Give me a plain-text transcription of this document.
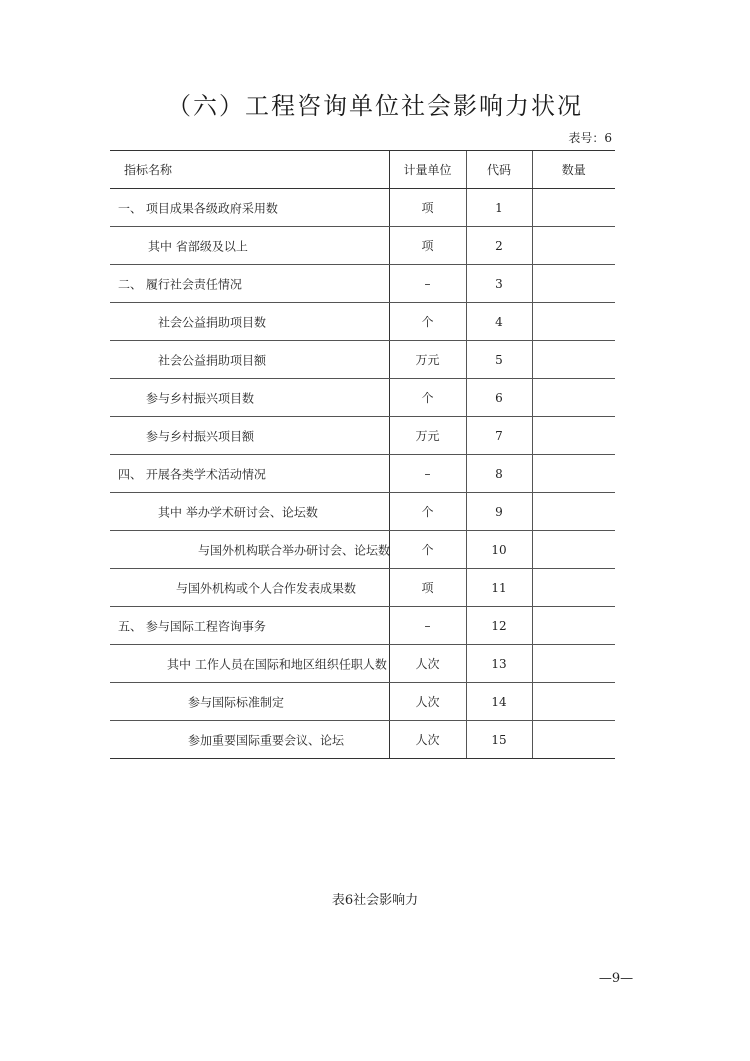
（六）工程咨询单位社会影响力状况
表号：6
指标名称	计量单位	代码	数量

一、 项目成果各级政府采用数	项	1	

其中 省部级及以上	项	2	

二、 履行社会责任情况	–	3	

社会公益捐助项目数	个	4	

社会公益捐助项目额	万元	5	

参与乡村振兴项目数	个	6	

参与乡村振兴项目额	万元	7	

四、 开展各类学术活动情况	–	8	

其中 举办学术研讨会、论坛数	个	9	

与国外机构联合举办研讨会、论坛数	个	10	

与国外机构或个人合作发表成果数	项	11	

五、 参与国际工程咨询事务	–	12	

其中 工作人员在国际和地区组织任职人数	人次	13	

参与国际标准制定	人次	14	

参加重要国际重要会议、论坛	人次	15	
表6社会影响力
—9—
